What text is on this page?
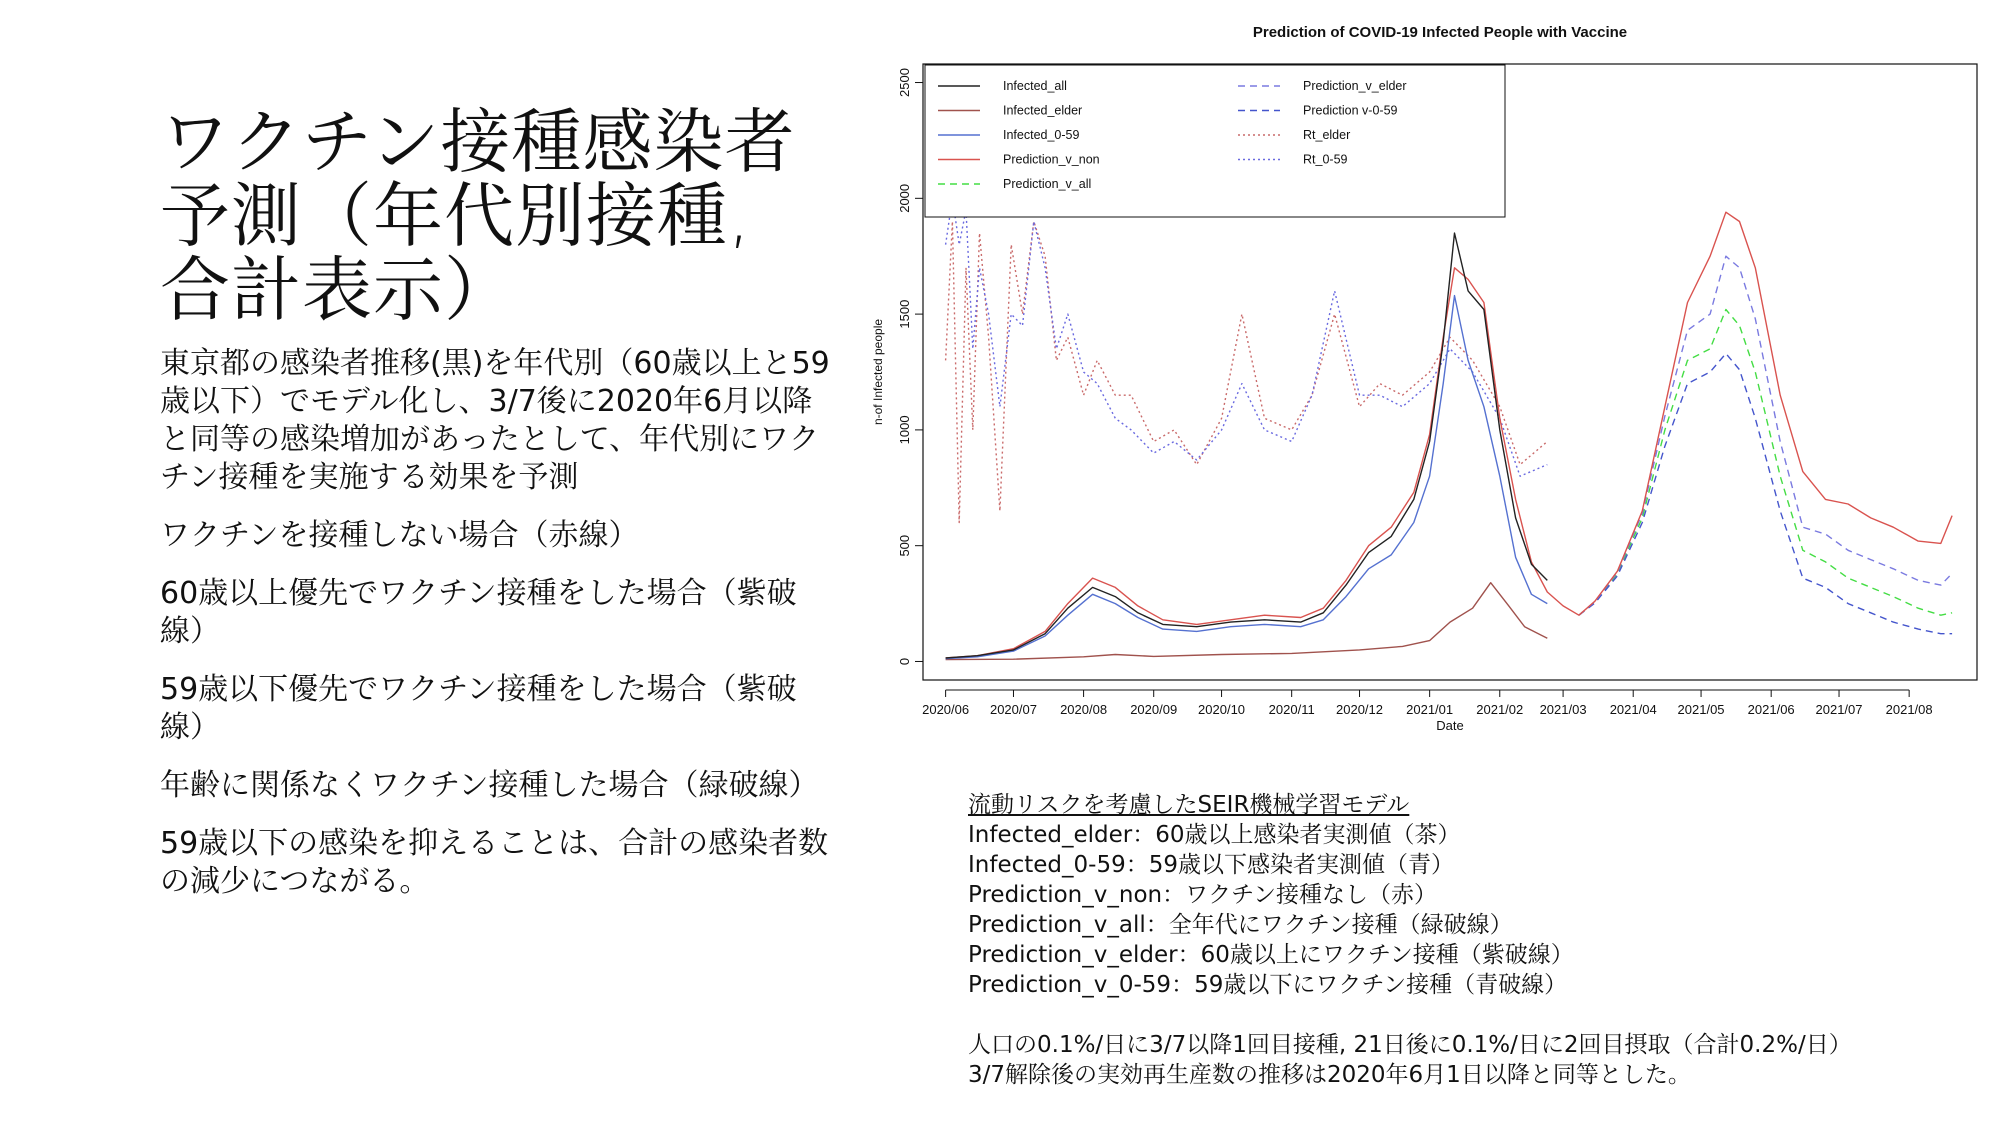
ワクチン接種感染者予測（年代別接種, 合計表示）

東京都の感染者推移(黒)を年代別（60歳以上と59歳以下）でモデル化し、3/7後に2020年6月以降と同等の感染増加があったとして、年代別にワクチン接種を実施する効果を予測

ワクチンを接種しない場合（赤線）

60歳以上優先でワクチン接種をした場合（紫破線）

59歳以下優先でワクチン接種をした場合（紫破線）

年齢に関係なくワクチン接種した場合（緑破線）

59歳以下の感染を抑えることは、合計の感染者数の減少につながる。

Prediction of COVID-19 Infected People with Vaccine
0
500
1000
1500
2000
2500
2020/06 2020/07 2020/08 2020/09 2020/10 2020/11 2020/12 2021/01 2021/02 2021/03 2021/04 2021/05 2021/06 2021/07 2021/08
Infected_all
Infected_elder
Infected_0-59
Prediction_v_non
Prediction_v_all
Prediction_v_elder
Prediction v-0-59
Rt_elder
Rt_0-59
Date
n-of Infected people

流動リスクを考慮したSEIR機械学習モデル

Infected_elder：60歳以上感染者実測値（茶）

Infected_0-59：59歳以下感染者実測値（青）

Prediction_v_non：ワクチン接種なし（赤）

Prediction_v_all：全年代にワクチン接種（緑破線）

Prediction_v_elder：60歳以上にワクチン接種（紫破線）

Prediction_v_0-59：59歳以下にワクチン接種（青破線）

人口の0.1%/日に3/7以降1回目接種, 21日後に0.1%/日に2回目摂取（合計0.2%/日）

3/7解除後の実効再生産数の推移は2020年6月1日以降と同等とした。
